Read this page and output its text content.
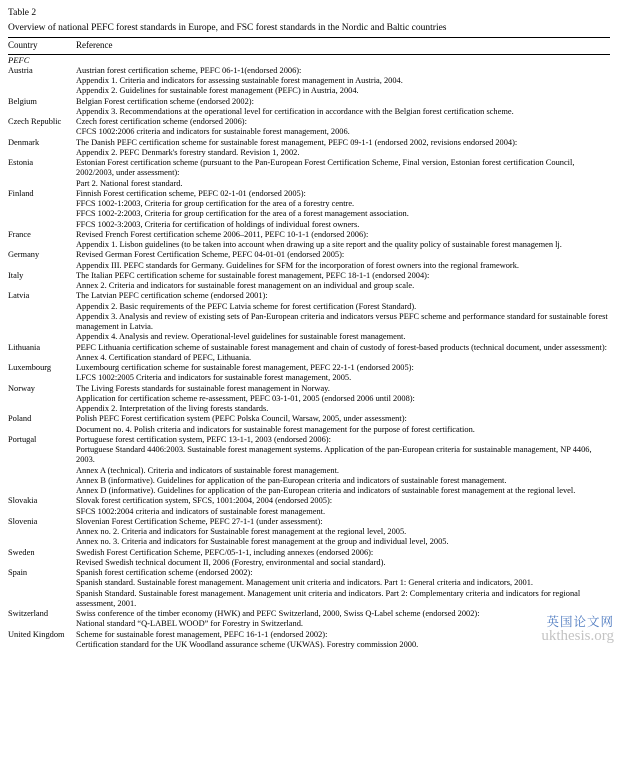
Table 2
Overview of national PEFC forest standards in Europe, and FSC forest standards in the Nordic and Baltic countries
Country	Reference
PEFC	
Austria	Austrian forest certification scheme, PEFC 06-1-1(endorsed 2006):
Appendix 1. Criteria and indicators for assessing sustainable forest management in Austria, 2004.
Appendix 2. Guidelines for sustainable forest management (PEFC) in Austria, 2004.

Belgium	Belgian Forest certification scheme (endorsed 2002):
Appendix 3. Recommendations at the operational level for certification in accordance with the Belgian forest certification scheme.

Czech Republic	Czech forest certification scheme (endorsed 2006):
CFCS 1002:2006 criteria and indicators for sustainable forest management, 2006.

Denmark	The Danish PEFC certification scheme for sustainable forest management, PEFC 09-1-1 (endorsed 2002, revisions endorsed 2004):
Appendix 2. PEFC Denmark's forestry standard. Revision 1, 2002.

Estonia	Estonian Forest certification scheme (pursuant to the Pan-European Forest Certification Scheme, Final version, Estonian forest certification Council, 2002/2003, under assessment):
Part 2. National forest standard.

Finland	Finnish Forest certification scheme, PEFC 02-1-01 (endorsed 2005):
FFCS 1002-1:2003, Criteria for group certification for the area of a forestry centre.
FFCS 1002-2:2003, Criteria for group certification for the area of a forest management association.
FFCS 1002-3:2003, Criteria for certification of holdings of individual forest owners.

France	Revised French Forest certification scheme 2006–2011, PEFC 10-1-1 (endorsed 2006):
Appendix 1. Lisbon guidelines (to be taken into account when drawing up a site report and the quality policy of sustainable forest managemen lj.

Germany	Revised German Forest Certification Scheme, PEFC 04-01-01 (endorsed 2005):
Appendix III. PEFC standards for Germany. Guidelines for SFM for the incorporation of forest owners into the regional framework.

Italy	The Italian PEFC certification scheme for sustainable forest management, PEFC 18-1-1 (endorsed 2004):
Annex 2. Criteria and indicators for sustainable forest management on an individual and group scale.

Latvia	The Latvian PEFC certification scheme (endorsed 2001):
Appendix 2. Basic requirements of the PEFC Latvia scheme for forest certification (Forest Standard).
Appendix 3. Analysis and review of existing sets of Pan-European criteria and indicators versus PEFC scheme and performance standard for sustainable forest management in Latvia.
Appendix 4. Analysis and review. Operational-level guidelines for sustainable forest management.

Lithuania	PEFC Lithuania certification scheme of sustainable forest management and chain of custody of forest-based products (technical document, under assessment):
Annex 4. Certification standard of PEFC, Lithuania.

Luxembourg	Luxembourg certification scheme for sustainable forest management, PEFC 22-1-1 (endorsed 2005):
LFCS 1002:2005 Criteria and indicators for sustainable forest management, 2005.

Norway	The Living Forests standards for sustainable forest management in Norway.
Application for certification scheme re-assessment, PEFC 03-1-01, 2005 (endorsed 2006 until 2008):
Appendix 2. Interpretation of the living forests standards.

Poland	Polish PEFC Forest certification system (PEFC Polska Council, Warsaw, 2005, under assessment):
Document no. 4. Polish criteria and indicators for sustainable forest management for the purpose of forest certification.

Portugal	Portuguese forest certification system, PEFC 13-1-1, 2003 (endorsed 2006):
Portuguese Standard 4406:2003. Sustainable forest management systems. Application of the pan-European criteria for sustainable management, NP 4406, 2003.
Annex A (technical). Criteria and indicators of sustainable forest management.
Annex B (informative). Guidelines for application of the pan-European criteria and indicators of sustainable forest management.
Annex D (informative). Guidelines for application of the pan-European criteria and indicators of sustainable forest management at the regional level.

Slovakia	Slovak forest certification system, SFCS, 1001:2004, 2004 (endorsed 2005):
SFCS 1002:2004 criteria and indicators of sustainable forest management.

Slovenia	Slovenian Forest Certification Scheme, PEFC 27-1-1 (under assessment):
Annex no. 2. Criteria and indicators for Sustainable forest management at the regional level, 2005.
Annex no. 3. Criteria and indicators for Sustainable forest management at the group and individual level, 2005.

Sweden	Swedish Forest Certification Scheme, PEFC/05-1-1, including annexes (endorsed 2006):
Revised Swedish technical document II, 2006 (Forestry, environmental and social standard).

Spain	Spanish forest certification scheme (endorsed 2002):
Spanish standard. Sustainable forest management. Management unit criteria and indicators. Part 1: General criteria and indicators, 2001.
Spanish Standard. Sustainable forest management. Management unit criteria and indicators. Part 2: Complementary criteria and indicators for regional assessment, 2001.

Switzerland	Swiss conference of the timber economy (HWK) and PEFC Switzerland, 2000, Swiss Q-Label scheme (endorsed 2002):
National standard “Q-LABEL WOOD” for Forestry in Switzerland.

United Kingdom	Scheme for sustainable forest management, PEFC 16-1-1 (endorsed 2002):
Certification standard for the UK Woodland assurance scheme (UKWAS). Forestry commission 2000.
英国论文网
ukthesis.org
